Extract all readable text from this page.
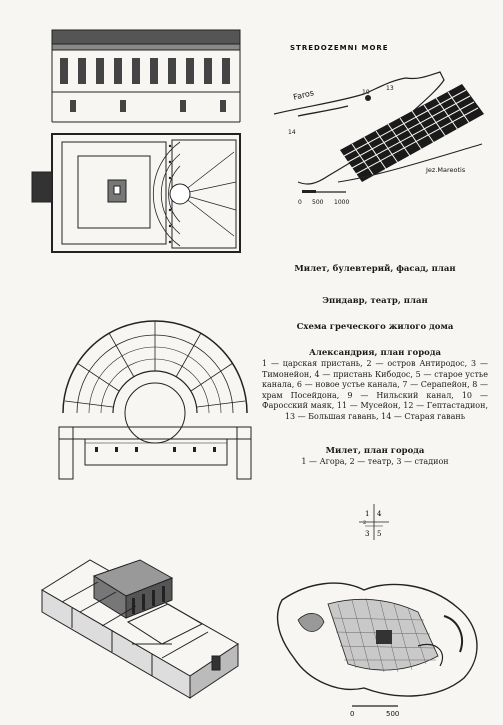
STREDOZEMNI MORE
Faros	10
13
14
Jez.Mareotis
0 500 1000
Милет, булевтерий, фасад, план
Эпидавр, театр, план
Схема греческого жилого дома
Александрия, план города
1 — царская пристань, 2 — остров Антиродос, 3 — Тимонейон, 4 — пристань Кибодос, 5 — старое устье канала, 6 — новое устье канала, 7 — Серапейон, 8 — храм Посейдона, 9 — Нильский канал, 10 — Фаросский маяк, 11 — Мусейон, 12 — Гептастадион, 13 — Большая гавань, 14 — Старая гавань
Милет, план города
1 — Агора, 2 — театр, 3 — стадион
1 4
2
3 5
0	500
